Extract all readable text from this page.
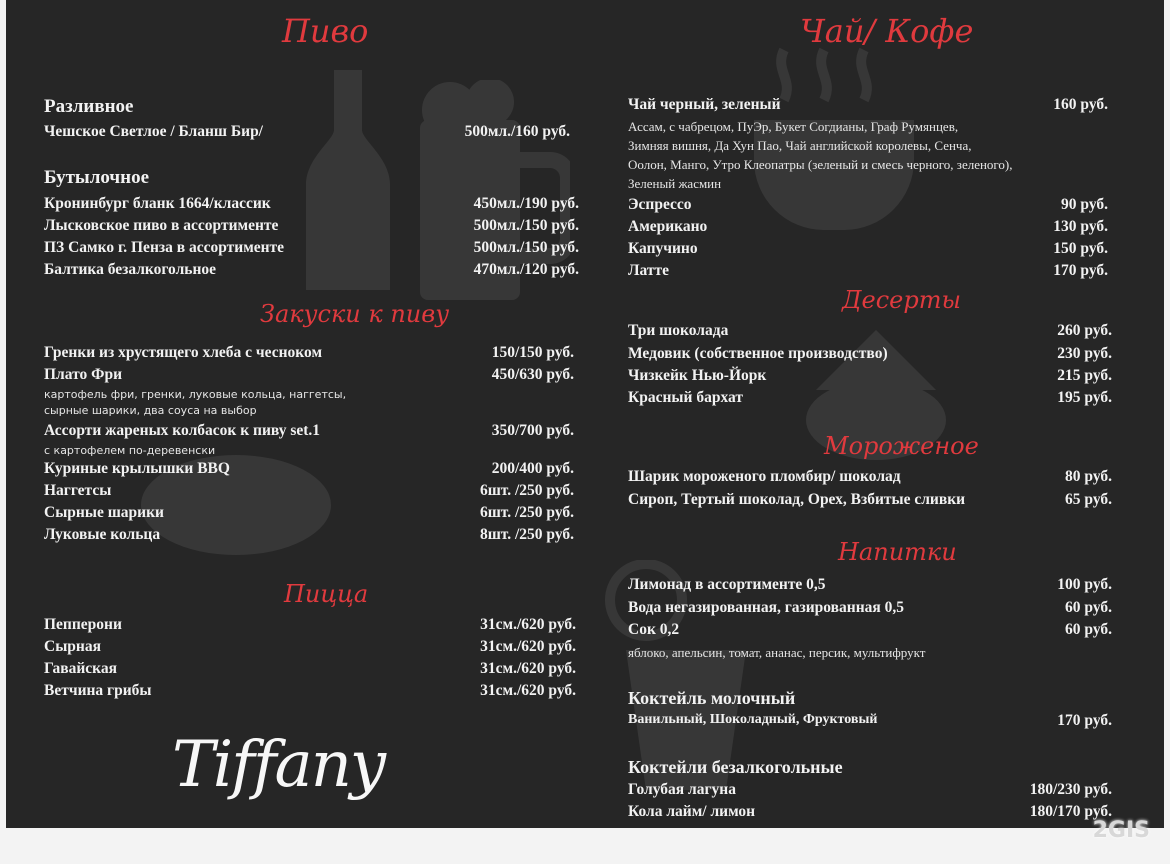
Пиво
Разливное
Чешское Светлое / Бланш Бир/	500мл./160 руб.
Бутылочное
Кронинбург бланк 1664/классик	450мл./190 руб.
Лысковское пиво в ассортименте	500мл./150 руб.
ПЗ Самко г. Пенза в ассортименте	500мл./150 руб.
Балтика безалкогольное	470мл./120 руб.
Закуски к пиву
Гренки из хрустящего хлеба с чесноком	150/150 руб.
Плато Фри	450/630 руб.
картофель фри, гренки, луковые кольца, наггетсы,
сырные шарики, два соуса на выбор
Ассорти жареных колбасок к пиву set.1	350/700 руб.
с картофелем по-деревенски
Куриные крылышки BBQ	200/400 руб.
Наггетсы	6шт. /250 руб.
Сырные шарики	6шт. /250 руб.
Луковые кольца	8шт. /250 руб.
Пицца
Пепперони	31см./620 руб.
Сырная	31см./620 руб.
Гавайская	31см./620 руб.
Ветчина грибы	31см./620 руб.
Tiffany
Чай/ Кофе
Чай черный, зеленый	160 руб.
Ассам, с чабрецом, ПуЭр, Букет Согдианы, Граф Румянцев,
Зимняя вишня, Да Хун Пао, Чай английской королевы, Сенча,
Оолон, Манго, Утро Клеопатры (зеленый и смесь черного, зеленого),
Зеленый жасмин
Эспрессо	90 руб.
Американо	130 руб.
Капучино	150 руб.
Латте	170 руб.
Десерты
Три шоколада	260 руб.
Медовик (собственное производство)	230 руб.
Чизкейк Нью-Йорк	215 руб.
Красный бархат	195 руб.
Мороженое
Шарик мороженого пломбир/ шоколад	80 руб.
Сироп, Тертый шоколад, Орех, Взбитые сливки	65 руб.
Напитки
Лимонад в ассортименте 0,5	100 руб.
Вода негазированная, газированная 0,5	60 руб.
Сок 0,2	60 руб.
яблоко, апельсин, томат, ананас, персик, мультифрукт
Коктейль молочный
Ванильный, Шоколадный, Фруктовый	170 руб.
Коктейли безалкогольные
Голубая лагуна	180/230 руб.
Кола лайм/ лимон	180/170 руб.
2GIS
